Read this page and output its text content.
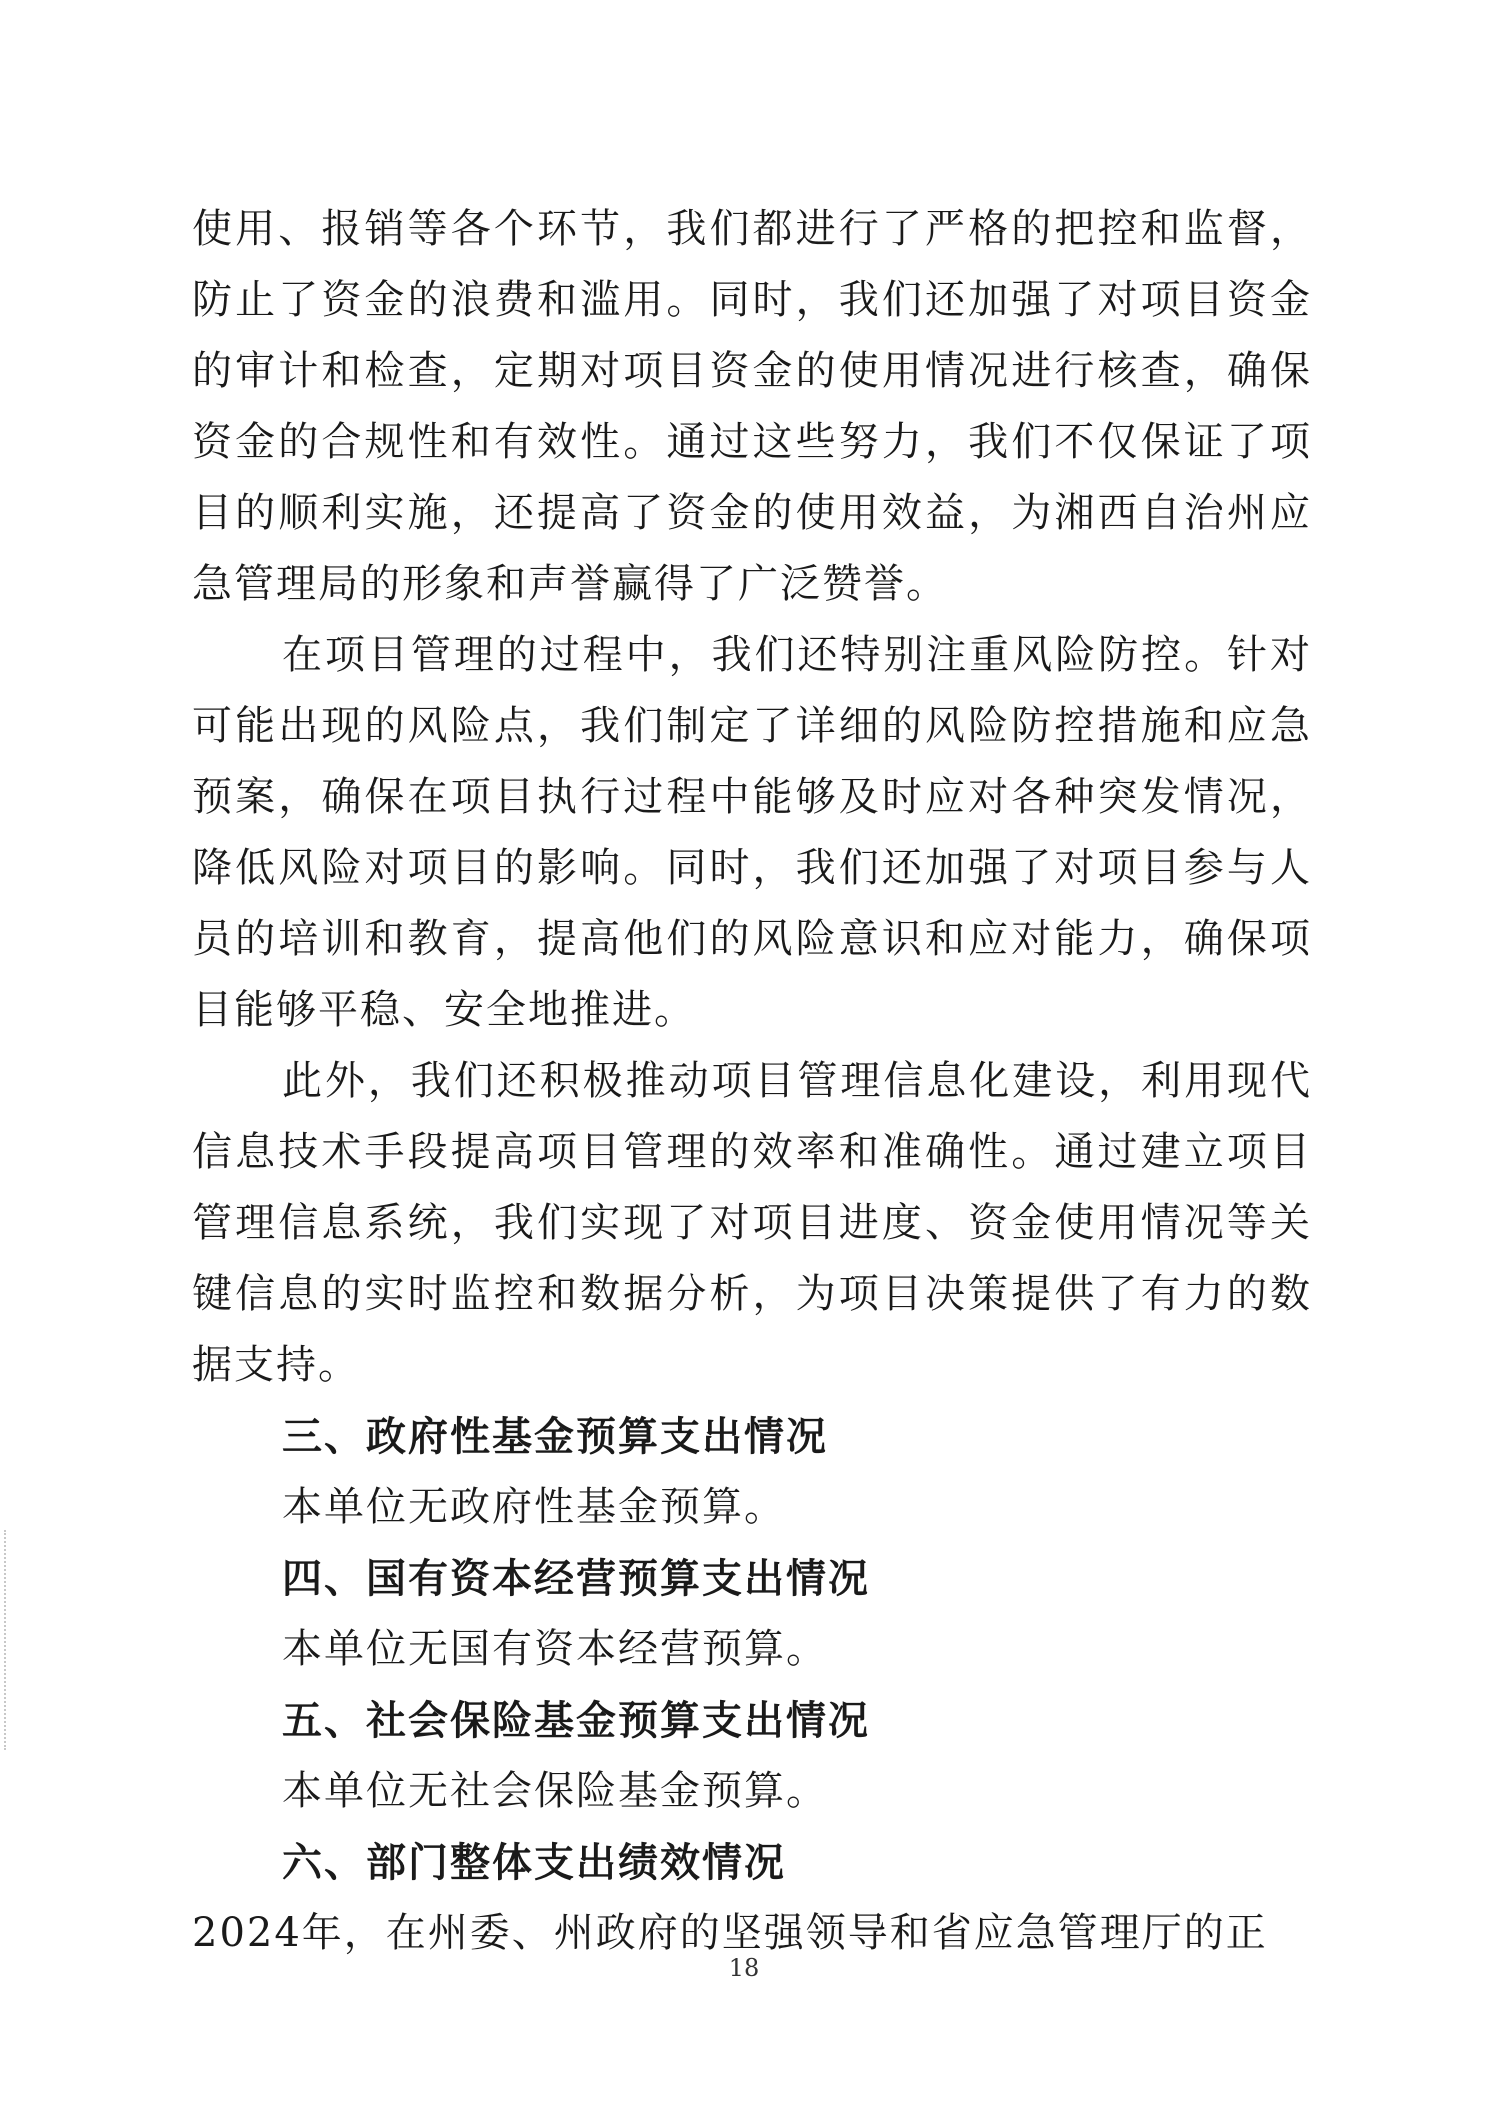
使用、报销等各个环节，我们都进行了严格的把控和监督，防止了资金的浪费和滥用。同时，我们还加强了对项目资金的审计和检查，定期对项目资金的使用情况进行核查，确保资金的合规性和有效性。通过这些努力，我们不仅保证了项目的顺利实施，还提高了资金的使用效益，为湘西自治州应急管理局的形象和声誉赢得了广泛赞誉。

在项目管理的过程中，我们还特别注重风险防控。针对可能出现的风险点，我们制定了详细的风险防控措施和应急预案，确保在项目执行过程中能够及时应对各种突发情况，降低风险对项目的影响。同时，我们还加强了对项目参与人员的培训和教育，提高他们的风险意识和应对能力，确保项目能够平稳、安全地推进。

此外，我们还积极推动项目管理信息化建设，利用现代信息技术手段提高项目管理的效率和准确性。通过建立项目管理信息系统，我们实现了对项目进度、资金使用情况等关键信息的实时监控和数据分析，为项目决策提供了有力的数据支持。

三、政府性基金预算支出情况

本单位无政府性基金预算。

四、国有资本经营预算支出情况

本单位无国有资本经营预算。

五、社会保险基金预算支出情况

本单位无社会保险基金预算。

六、部门整体支出绩效情况

2024年，在州委、州政府的坚强领导和省应急管理厅的正

18
